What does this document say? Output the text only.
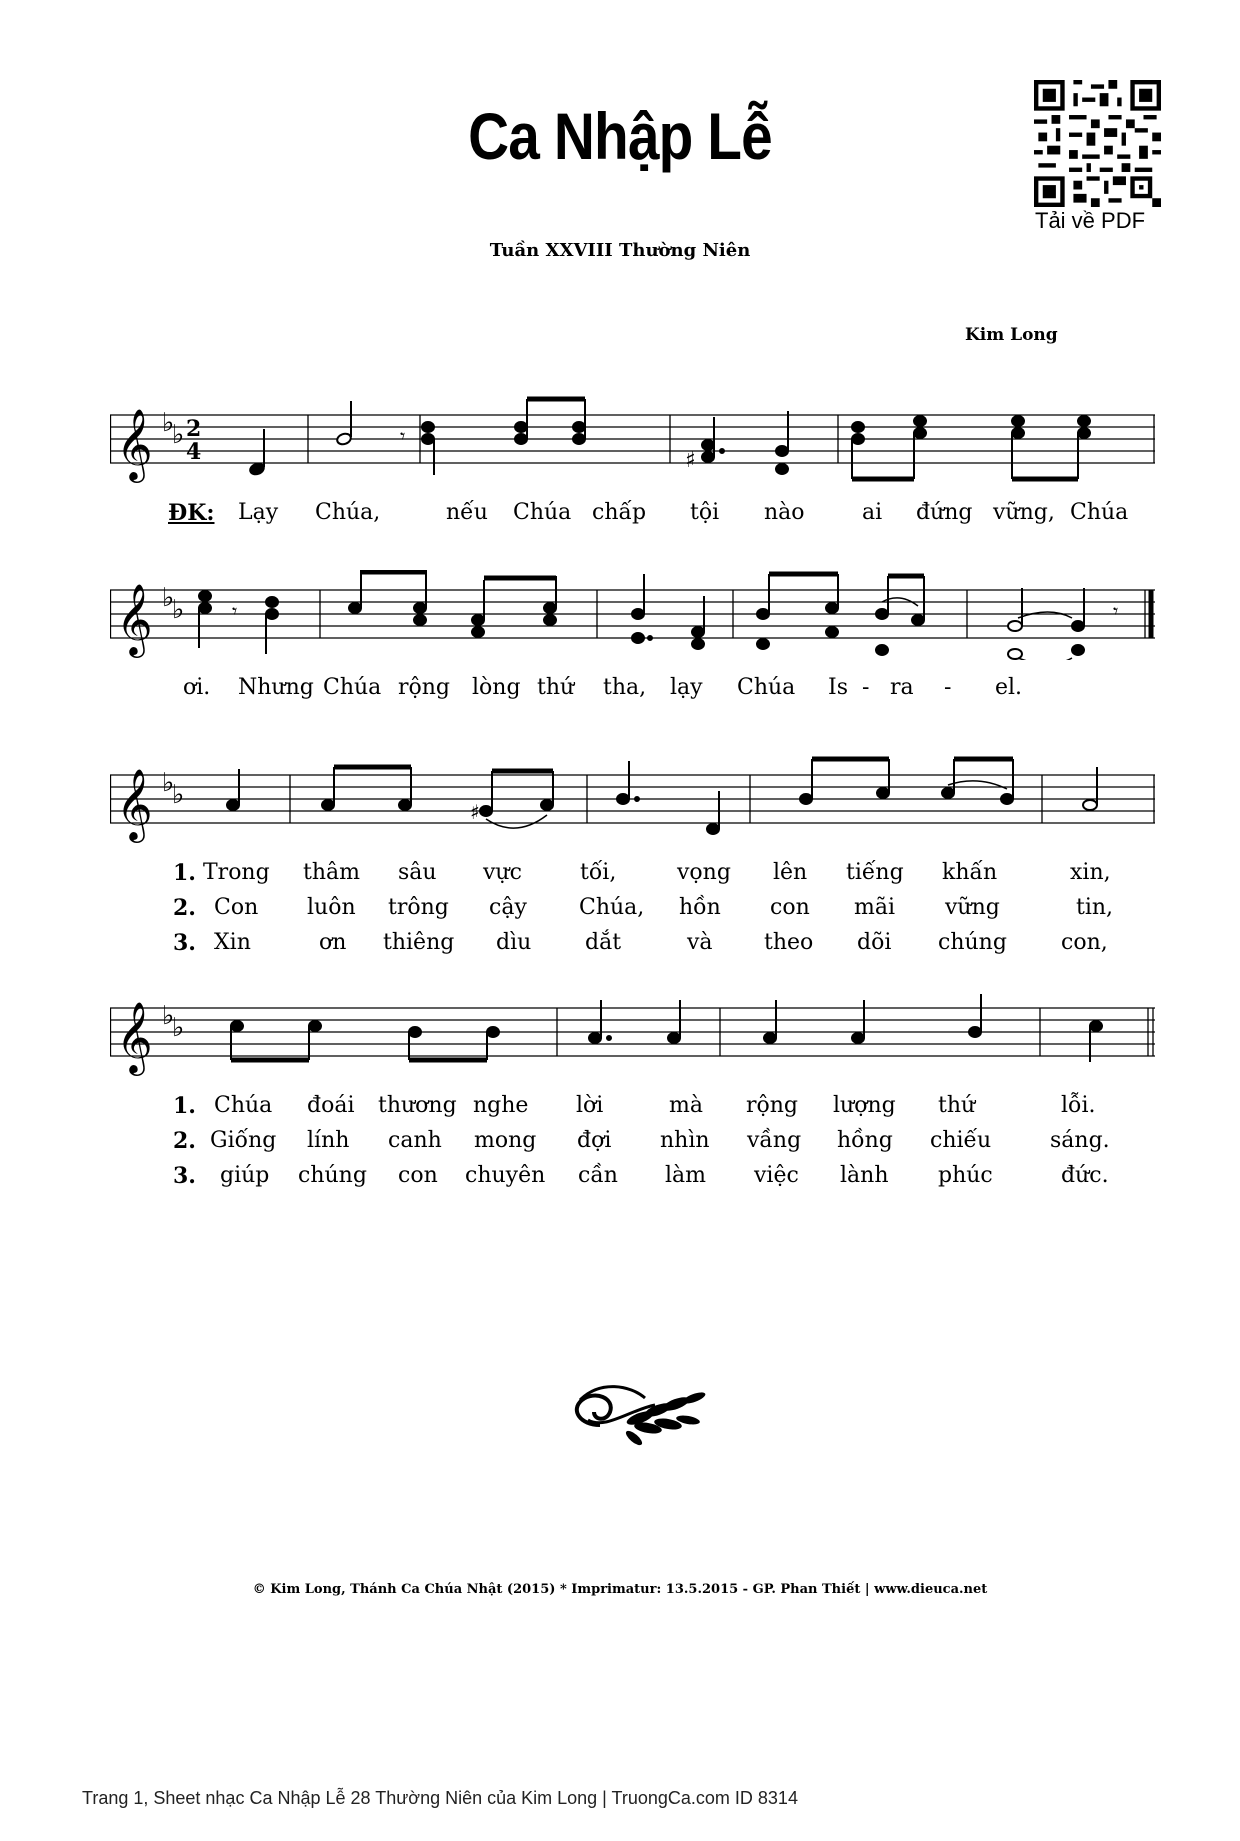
Ca Nhập Lễ
Tuần XXVIII Thường Niên
Kim Long
Tải về PDF
𝄞 ♭
♭ 2
4
𝄾
♯
ĐK: Lạy Chúa,	nếu Chúa chấp tội nào	ai đứng vững, Chúa
𝄞 ♭
♭ 𝄾	𝄾
ơi. Nhưng Chúa rộng lòng thứ tha, lạy Chúa Is - ra - el.
𝄞 ♭
♭
♯
1. Trong thâm sâu vực	tối,	vọng lên tiếng khấn	xin,
2. Con luôn trông cậy Chúa, hồn con mãi vững	tin,
3. Xin	ơn thiêng dìu dắt	và theo dõi chúng con,
𝄞 ♭
♭
1. Chúa đoái thương nghe lời	mà rộng lượng thứ	lỗi.
2. Giống lính canh mong đợi nhìn vầng hồng chiếu	sáng.
3. giúp chúng con chuyên cần làm việc lành phúc	đức.
© Kim Long, Thánh Ca Chúa Nhật (2015) * Imprimatur: 13.5.2015 - GP. Phan Thiết | www.dieuca.net
Trang 1, Sheet nhạc Ca Nhập Lễ 28 Thường Niên của Kim Long | TruongCa.com ID 8314
